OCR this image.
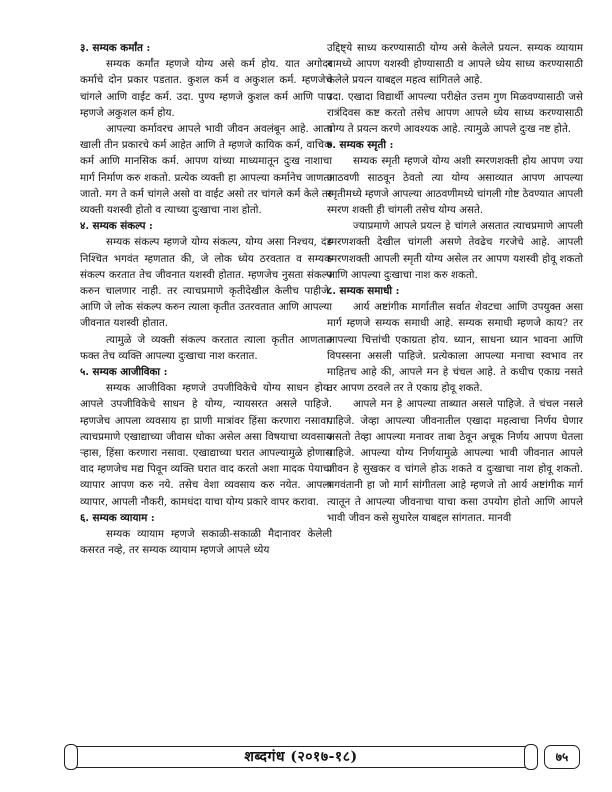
३. सम्यक कर्मांत :

सम्यक कर्मांत म्हणजे योग्य असे कर्म होय. यात अगोदर कर्माचे दोन प्रकार पडतात. कुशल कर्म व अकुशल कर्म. म्हणजेच चांगले आणि वाईट कर्म. उदा. पुण्य म्हणजे कुशल कर्म आणि पाप म्हणजे अकुशल कर्म होय.

आपल्या कर्मावरच आपले भावी जीवन अवलंबून आहे. आता खाली तीन प्रकारचे कर्म आहेत आणि ते म्हणजे कायिक कर्म, वाचिक कर्म आणि मानसिक कर्म. आपण यांच्या माध्यमातून दुःख नाशाचा मार्ग निर्माण करु शकतो. प्रत्येक व्यक्ती हा आपल्या कर्मानेच जाणता जातो. मग ते कर्म चांगले असो वा वाईट असो तर चांगले कर्म केले तर व्यक्ती यशस्वी होतो व त्याच्या दुःखाचा नाश होतो.

४. सम्यक संकल्प :

सम्यक संकल्प म्हणजे योग्य संकल्प, योग्य असा निश्चय, दंड निश्चित भगवंत म्हणतात की, जे लोक ध्येय ठरवतात व सम्यक संकल्प करतात तेच जीवनात यशस्वी होतात. म्हणजेच नुसता संकल्प करुन चालणार नाही. तर त्याचप्रमाणे कृतीदेखील केलीच पाहीजे. आणि जे लोक संकल्प करुन त्याला कृतीत उतरवतात आणि आपल्या जीवनात यशस्वी होतात.

त्यामुळे जे व्यक्ती संकल्प करतात त्याला कृतीत आणतात फक्त तेच व्यक्ति आपल्या दुःखाचा नाश करतात.

५. सम्यक आजीविका :

सम्यक आजीविका म्हणजे उपजीविकेचे योग्य साधन होय. आपले उपजीविकेचे साधन हे योग्य, न्यायसरत असले पाहिजे. म्हणजेच आपला व्यवसाय हा प्राणी मात्रांवर हिंसा करणारा नसावा. त्याचप्रमाणे एखाद्याच्या जीवास धोका असेल असा विषयाचा व्यवसाय ऱ्हास, हिंसा करणारा नसावा. एखाद्याच्या घरात आपल्यामुळे होणारा वाद म्हणजेच मद्य पिवून व्यक्ति घरात वाद करतो अशा मादक पेयाचा व्यापार आपण करु नये. तसेच वेशा व्यवसाय करु नयेत. आपला व्यापार, आपली नौकरी, कामधंदा याचा योग्य प्रकारे वापर करावा.

६. सम्यक व्यायाम :

सम्यक व्यायाम म्हणजे सकाळी-सकाळी मैदानावर केलेली कसरत नव्हे, तर सम्यक व्यायाम म्हणजे आपले ध्येय

उद्दिष्ट्ये साध्य करण्यासाठी योग्य असे केलेले प्रयत्न. सम्यक व्यायाम यामध्ये आपण यशस्वी होण्यासाठी व आपले ध्येय साध्य करण्यासाठी केलेले प्रयत्न याबद्दल महत्व सांगितले आहे.

उदा. एखादा विद्यार्थी आपल्या परीक्षेत उत्तम गुण मिळवण्यासाठी जसे रात्रंदिवस कष्ट करतो तसेच आपण आपले ध्येय साध्य करण्यासाठी योग्य ते प्रयत्न करणे आवश्यक आहे. त्यामुळे आपले दुःख नष्ट होते.

७. सम्यक स्मृती :

सम्यक स्मृती म्हणजे योग्य अशी स्मरणशक्ती होय आपण ज्या आठवणी साठवून ठेवतो त्या योग्य असाव्यात आपण आपल्या स्मृतीमध्ये म्हणजे आपल्या आठवणीमध्ये चांगली गोष्ट ठेवण्यात आपली स्मरण शक्ती ही चांगली तसेच योग्य असते.

ज्याप्रमाणे आपले प्रयत्न हे चांगले असतात त्याचप्रमाणे आपली स्मरणशक्ती देखील चांगली असणे तेवढेच गरजेचे आहे. आपली स्मरणशक्ती आपली स्मृती योग्य असेल तर आपण यशस्वी होवू शकतो आणि आपल्या दुःखाचा नाश करु शकतो.

८. सम्यक समाधी :

आर्य अष्टांगीक मार्गातील सर्वात शेवटचा आणि उपयुक्त असा मार्ग म्हणजे सम्यक समाधी आहे. सम्यक समाधी म्हणजे काय? तर आपल्या चित्तांची एकाग्रता होय. ध्यान, साधना ध्यान भावना आणि विपस्सना असली पाहिजे. प्रत्येकाला आपल्या मनाचा स्वभाव तर माहितच आहे की, आपले मन हे चंचल आहे. ते कधीच एकाग्र नसते तर आपण ठरवले तर ते एकाग्र होवू शकते.

आपले मन हे आपल्या ताब्यात असले पाहिजे. ते चंचल नसले पाहिजे. जेव्हा आपल्या जीवनातील एखादा महत्वाचा निर्णय घेणार असतो तेव्हा आपल्या मनावर ताबा ठेवून अचूक निर्णय आपण घेतला पाहिजे. आपल्या योग्य निर्णयामुळे आपल्या भावी जीवनात आपले जीवन हे सुखकर व चांगले होऊ शकते व दुःखाचा नाश होवू शकतो. भगवंतानी हा जो मार्ग सांगीतला आहे म्हणजे तो आर्य अष्टांगीक मार्ग त्यातून ते आपल्या जीवनाचा याचा कसा उपयोग होतो आणि आपले भावी जीवन कसे सुधारेल याबद्दल सांगतात. मानवी

शब्दगंध (२०१७-१८)	७५
